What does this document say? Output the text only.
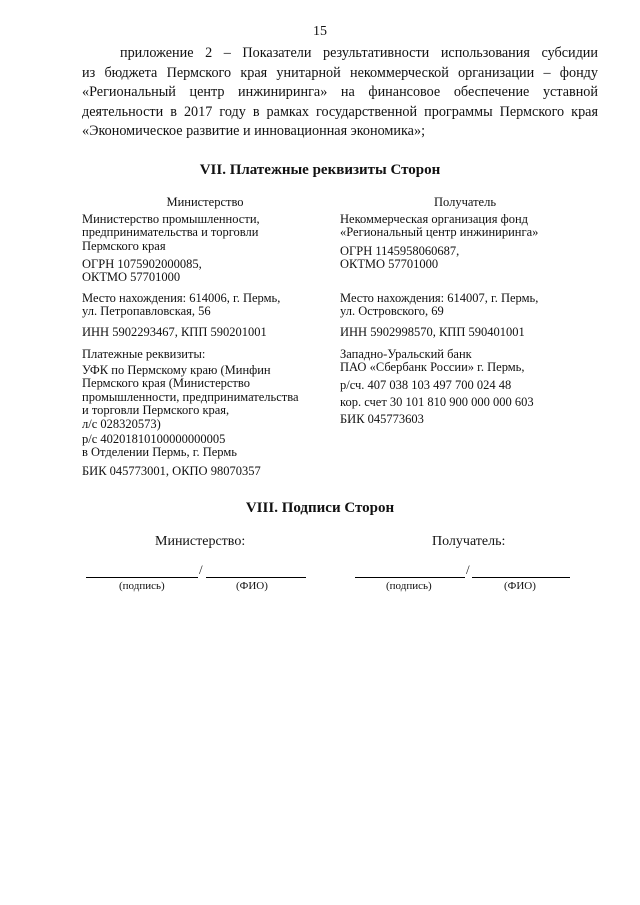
15

приложение 2 – Показатели результативности использования субсидии

из бюджета Пермского края унитарной некоммерческой организации – фонду

«Региональный центр инжиниринга» на финансовое обеспечение уставной

деятельности в 2017 году в рамках государственной программы Пермского края

«Экономическое развитие и инновационная экономика»;

VII. Платежные реквизиты Сторон
Министерство
Министерство промышленности,
предпринимательства и торговли
Пермского края
ОГРН 1075902000085,
ОКТМО 57701000
Место нахождения: 614006, г. Пермь,
ул. Петропавловская, 56
ИНН 5902293467, КПП 590201001
Платежные реквизиты:
УФК по Пермскому краю (Минфин
Пермского края (Министерство
промышленности, предпринимательства
и торговли Пермского края,
л/с 028320573)
р/с 40201810100000000005
в Отделении Пермь, г. Пермь
БИК 045773001, ОКПО 98070357
Получатель
Некоммерческая организация фонд
«Региональный центр инжиниринга»
ОГРН 1145958060687,
ОКТМО 57701000
Место нахождения: 614007, г. Пермь,
ул. Островского, 69
ИНН 5902998570, КПП 590401001
Западно-Уральский банк
ПАО «Сбербанк России» г. Пермь,
р/сч. 407 038 103 497 700 024 48
кор. счет 30 101 810 900 000 000 603
БИК 045773603
VIII. Подписи Сторон
Министерство:	Получатель:
/
(подпись)	(ФИО)
/
(подпись)	(ФИО)
